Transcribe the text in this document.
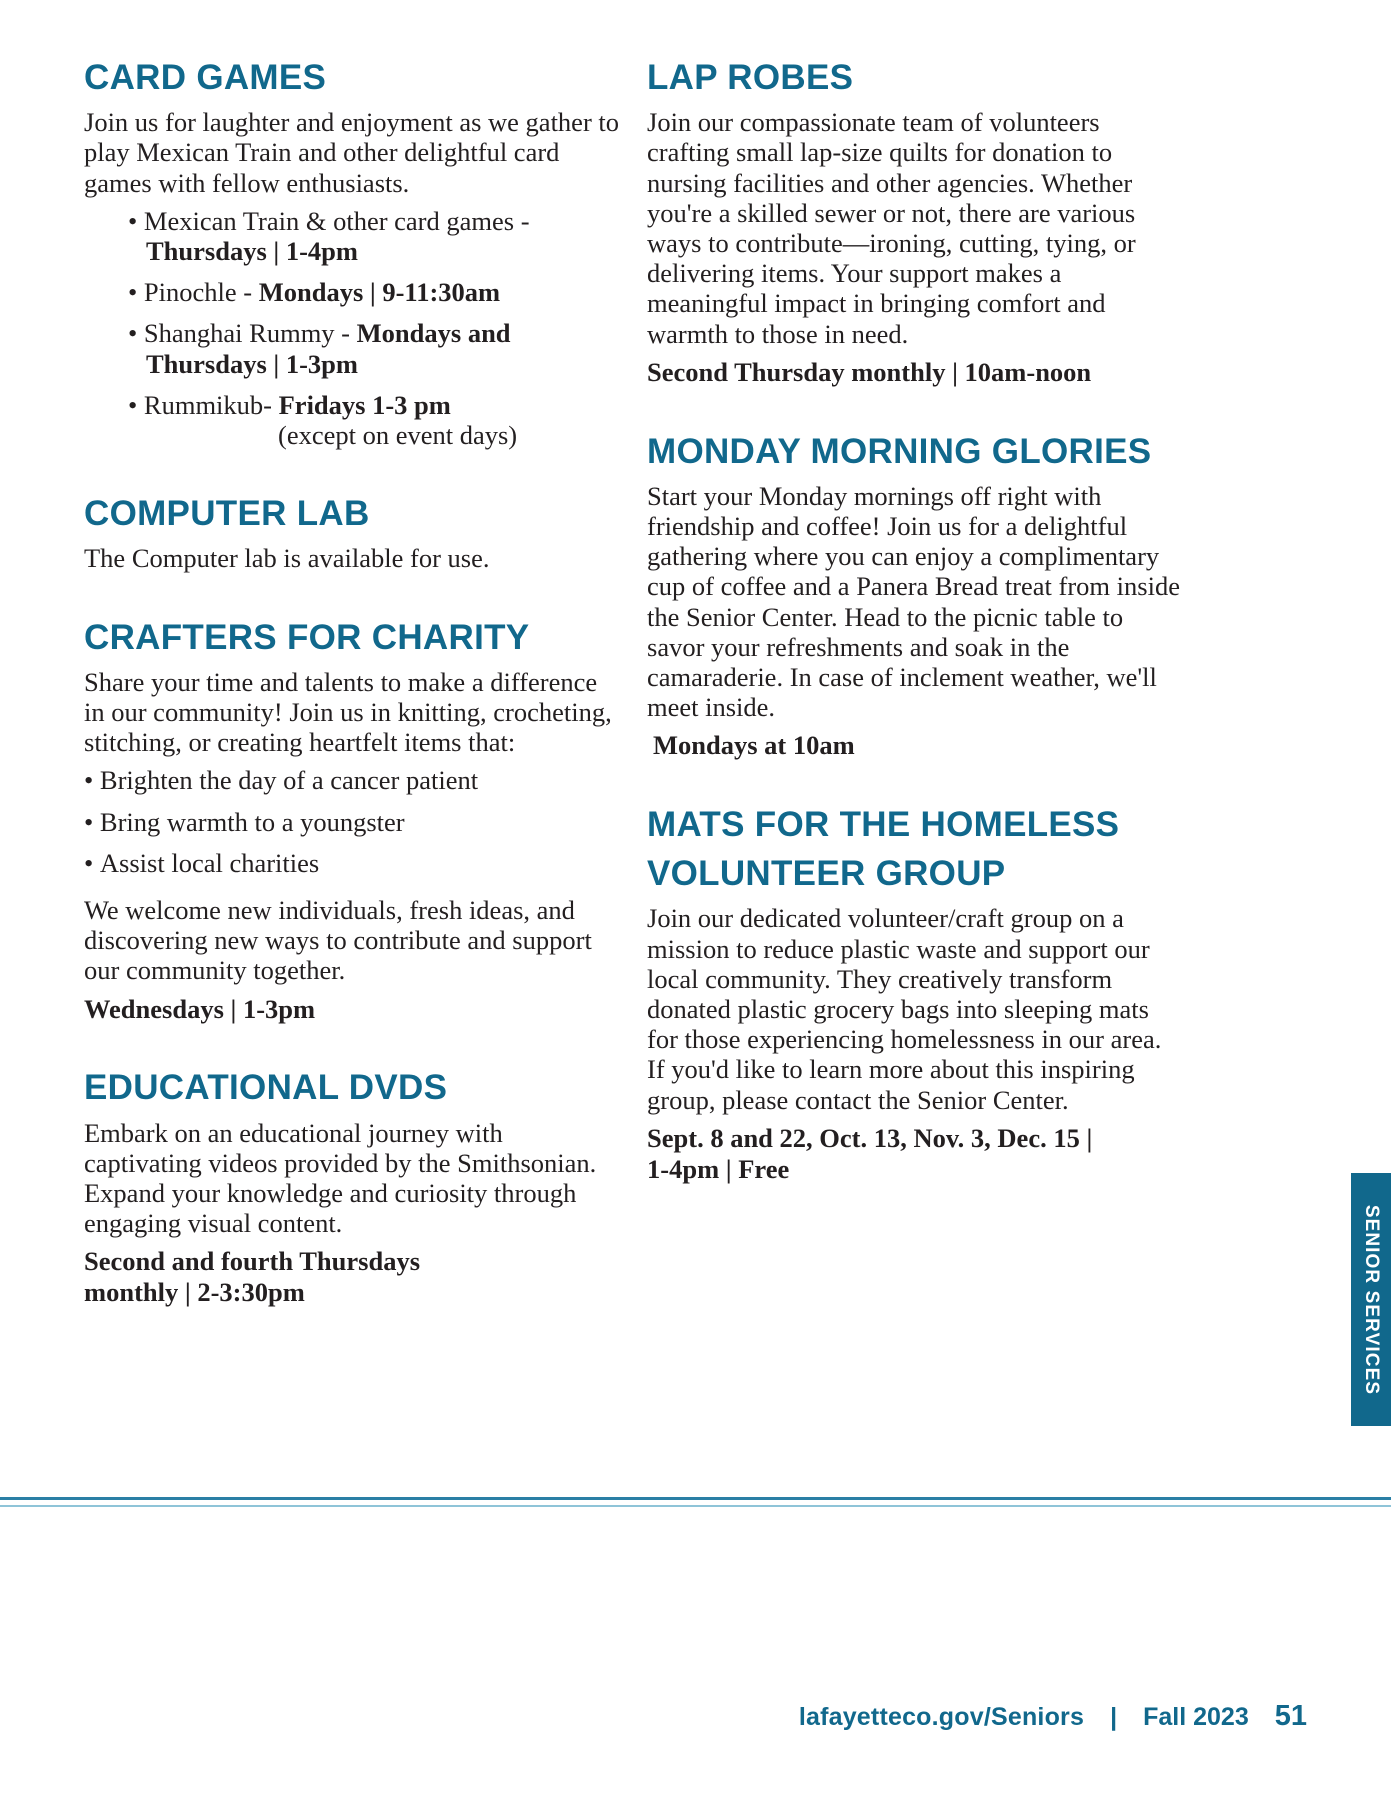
CARD GAMES

Join us for laughter and enjoyment as we gather to play Mexican Train and other delightful card games with fellow enthusiasts.

• Mexican Train & other card games - Thursdays | 1-4pm
• Pinochle - Mondays | 9-11:30am
• Shanghai Rummy - Mondays and Thursdays | 1-3pm
• Rummikub- Fridays 1-3 pm
(except on event days)
COMPUTER LAB

The Computer lab is available for use.

CRAFTERS FOR CHARITY

Share your time and talents to make a difference in our community! Join us in knitting, crocheting, stitching, or creating heartfelt items that:

• Brighten the day of a cancer patient
• Bring warmth to a youngster
• Assist local charities

We welcome new individuals, fresh ideas, and discovering new ways to contribute and support our community together.

Wednesdays | 1-3pm

EDUCATIONAL DVDS

Embark on an educational journey with captivating videos provided by the Smithsonian. Expand your knowledge and curiosity through engaging visual content.

Second and fourth Thursdays

monthly | 2-3:30pm

LAP ROBES

Join our compassionate team of volunteers crafting small lap-size quilts for donation to nursing facilities and other agencies. Whether you're a skilled sewer or not, there are various ways to contribute—ironing, cutting, tying, or delivering items. Your support makes a meaningful impact in bringing comfort and warmth to those in need.

Second Thursday monthly | 10am-noon

MONDAY MORNING GLORIES

Start your Monday mornings off right with friendship and coffee! Join us for a delightful gathering where you can enjoy a complimentary cup of coffee and a Panera Bread treat from inside the Senior Center. Head to the picnic table to savor your refreshments and soak in the camaraderie. In case of inclement weather, we'll meet inside.

Mondays at 10am

MATS FOR THE HOMELESS
VOLUNTEER GROUP

Join our dedicated volunteer/craft group on a mission to reduce plastic waste and support our local community. They creatively transform donated plastic grocery bags into sleeping mats for those experiencing homelessness in our area. If you'd like to learn more about this inspiring group, please contact the Senior Center.

Sept. 8 and 22, Oct. 13, Nov. 3, Dec. 15 |

1-4pm | Free

SENIOR SERVICES
lafayetteco.gov/Seniors | Fall 2023 51
